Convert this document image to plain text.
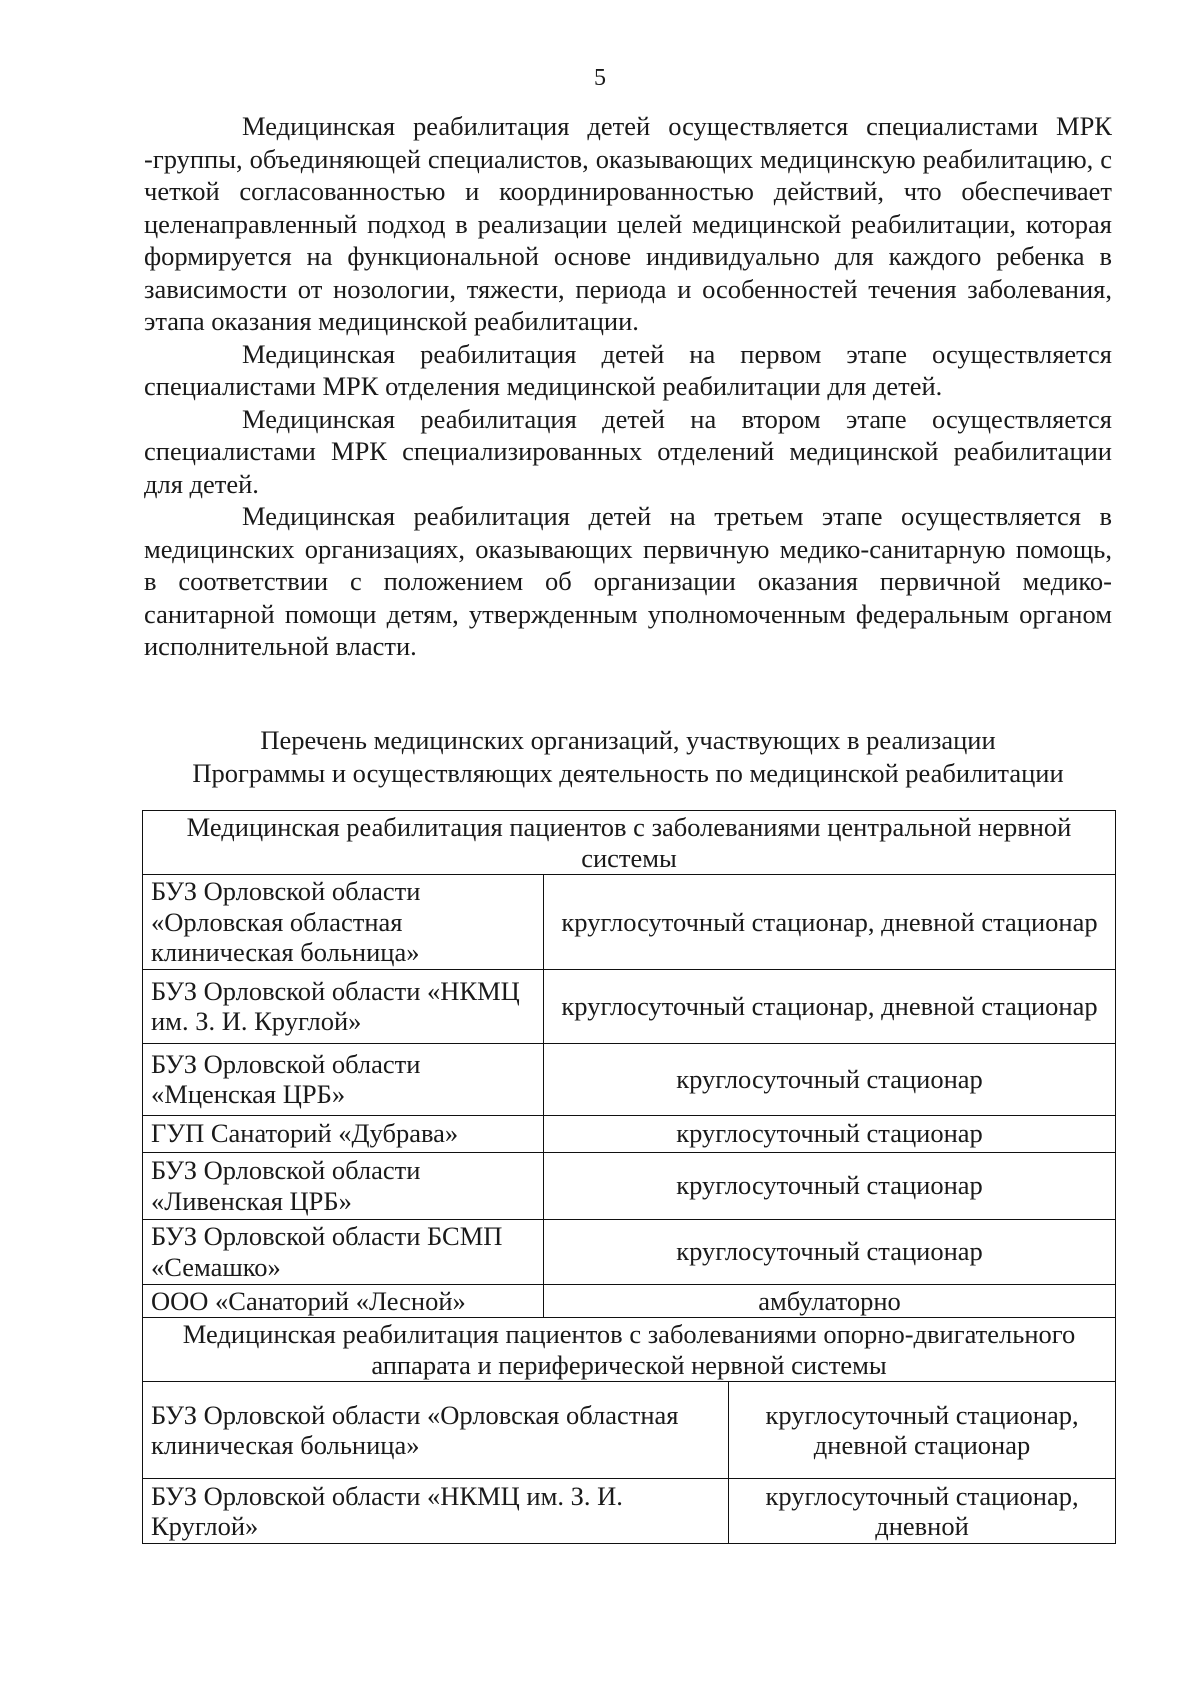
5

Медицинская реабилитация детей осуществляется специалистами МРК -группы, объединяющей специалистов, оказывающих медицинскую реабилитацию, с четкой согласованностью и координированностью действий, что обеспечивает целенаправленный подход в реализации целей медицинской реабилитации, которая формируется на функциональной основе индивидуально для каждого ребенка в зависимости от нозологии, тяжести, периода и особенностей течения заболевания, этапа оказания медицинской реабилитации.

Медицинская реабилитация детей на первом этапе осуществляется специалистами МРК отделения медицинской реабилитации для детей.

Медицинская реабилитация детей на втором этапе осуществляется специалистами МРК специализированных отделений медицинской реабилитации для детей.

Медицинская реабилитация детей на третьем этапе осуществляется в медицинских организациях, оказывающих первичную медико-санитарную помощь, в соответствии с положением об организации оказания первичной медико-санитарной помощи детям, утвержденным уполномоченным федеральным органом исполнительной власти.

Перечень медицинских организаций, участвующих в реализации
Программы и осуществляющих деятельность по медицинской реабилитации
Медицинская реабилитация пациентов с заболеваниями центральной нервной системы		
БУЗ Орловской области «Орловская областная клиническая больница»	круглосуточный стационар, дневной стационар	
БУЗ Орловской области «НКМЦ им. З. И. Круглой»	круглосуточный стационар, дневной стационар	
БУЗ Орловской области «Мценская ЦРБ»	круглосуточный стационар	
ГУП Санаторий «Дубрава»	круглосуточный стационар	
БУЗ Орловской области «Ливенская ЦРБ»	круглосуточный стационар	
БУЗ Орловской области БСМП «Семашко»	круглосуточный стационар	
ООО «Санаторий «Лесной»	амбулаторно	
Медицинская реабилитация пациентов с заболеваниями опорно-двигательного аппарата и периферической нервной системы		
БУЗ Орловской области «Орловская областная клиническая больница»		круглосуточный стационар, дневной стационар
БУЗ Орловской области «НКМЦ им. З. И. Круглой»		круглосуточный стационар, дневной
